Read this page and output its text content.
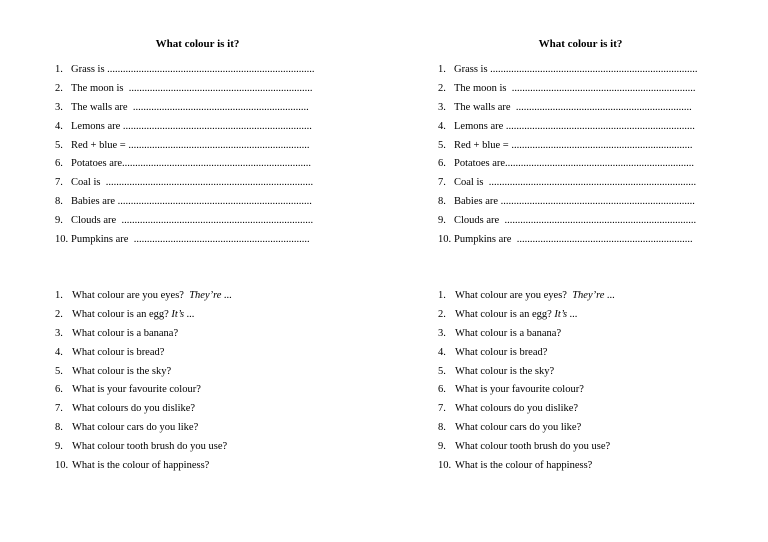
What colour is it?
1. Grass is ...............................................................................
2. The moon is ......................................................................
3. The walls are ...................................................................
4. Lemons are ........................................................................
5. Red + blue = .....................................................................
6. Potatoes are ........................................................................
7. Coal is ...............................................................................
8. Babies are ..........................................................................
9. Clouds are .........................................................................
10. Pumpkins are ...................................................................
1. What colour are you eyes?  They’re ...
2. What colour is an egg? It’s ...
3. What colour is a banana?
4. What colour is bread?
5. What colour is the sky?
6. What is your favourite colour?
7. What colours do you dislike?
8. What colour cars do you like?
9. What colour tooth brush do you use?
10. What is the colour of happiness?
What colour is it?
1. Grass is ...............................................................................
2. The moon is ......................................................................
3. The walls are ...................................................................
4. Lemons are ........................................................................
5. Red + blue = .....................................................................
6. Potatoes are ........................................................................
7. Coal is ...............................................................................
8. Babies are ..........................................................................
9. Clouds are .........................................................................
10. Pumpkins are ...................................................................
1. What colour are you eyes?  They’re ...
2. What colour is an egg? It’s ...
3. What colour is a banana?
4. What colour is bread?
5. What colour is the sky?
6. What is your favourite colour?
7. What colours do you dislike?
8. What colour cars do you like?
9. What colour tooth brush do you use?
10. What is the colour of happiness?
